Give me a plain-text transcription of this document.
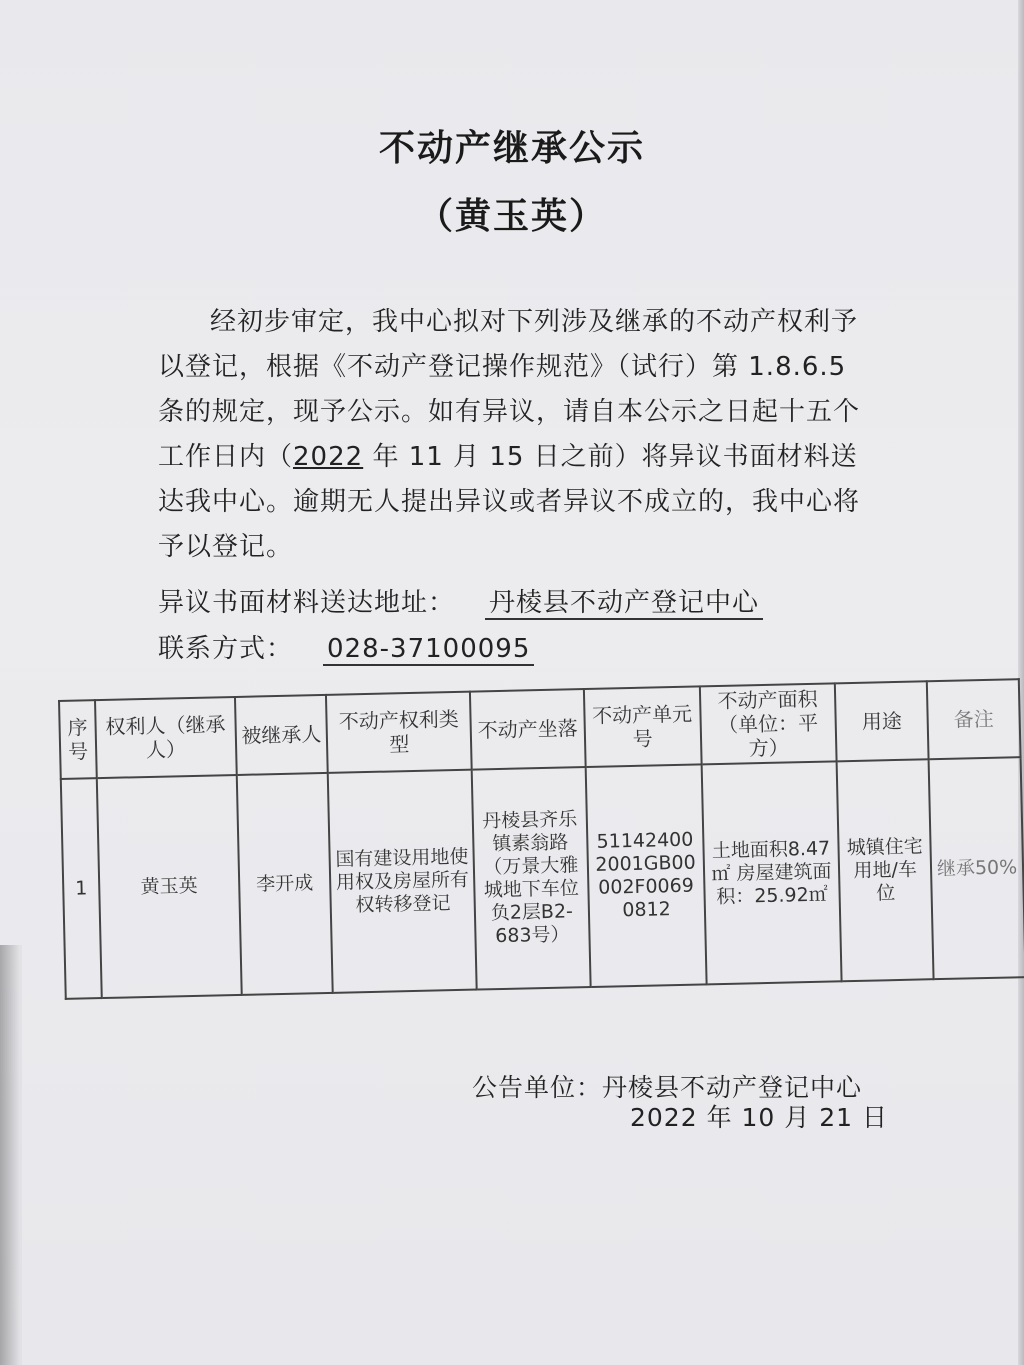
不动产继承公示
（黄玉英）

经初步审定，我中心拟对下列涉及继承的不动产权利予以登记，根据《不动产登记操作规范》（试行）第 1.8.6.5 条的规定，现予公示。如有异议，请自本公示之日起十五个工作日内（2022 年 11 月 15 日之前）将异议书面材料送达我中心。逾期无人提出异议或者异议不成立的，我中心将予以登记。

异议书面材料送达地址： 丹棱县不动产登记中心
联系方式： 028-37100095
序号	权利人（继承人）	被继承人	不动产权利类型	不动产坐落	不动产单元号	不动产面积（单位：平方）	用途	备注
1	黄玉英	李开成	国有建设用地使用权及房屋所有权转移登记	丹棱县齐乐镇素翁路（万景大雅城地下车位负2层B2-683号）	511424002001GB00002F00690812	土地面积8.47㎡ 房屋建筑面积：25.92㎡	城镇住宅用地/车位	继承50%
公告单位：丹棱县不动产登记中心
2022 年 10 月 21 日
